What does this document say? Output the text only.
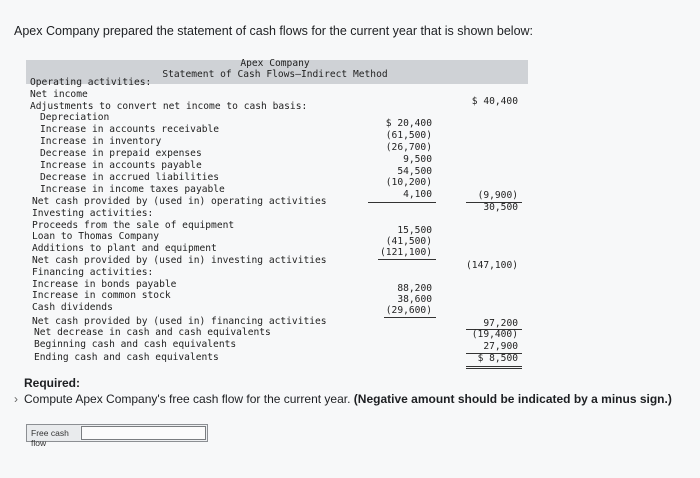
Apex Company prepared the statement of cash flows for the current year that is shown below:
Apex Company
Statement of Cash Flows—Indirect Method
Operating activities:
Net income
Adjustments to convert net income to cash basis:
Depreciation
Increase in accounts receivable
Increase in inventory
Decrease in prepaid expenses
Increase in accounts payable
Decrease in accrued liabilities
Increase in income taxes payable
Net cash provided by (used in) operating activities
Investing activities:
Proceeds from the sale of equipment
Loan to Thomas Company
Additions to plant and equipment
Net cash provided by (used in) investing activities
Financing activities:
Increase in bonds payable
Increase in common stock
Cash dividends
Net cash provided by (used in) financing activities
Net decrease in cash and cash equivalents
Beginning cash and cash equivalents
Ending cash and cash equivalents
$ 20,400
(61,500)
(26,700)
9,500
54,500
(10,200)
4,100
15,500
(41,500)
(121,100)
88,200
38,600
(29,600)
$ 40,400
(9,900)
30,500
(147,100)
97,200
(19,400)
27,900
$ 8,500
Required:
› Compute Apex Company's free cash flow for the current year. (Negative amount should be indicated by a minus sign.)
Free cash flow
